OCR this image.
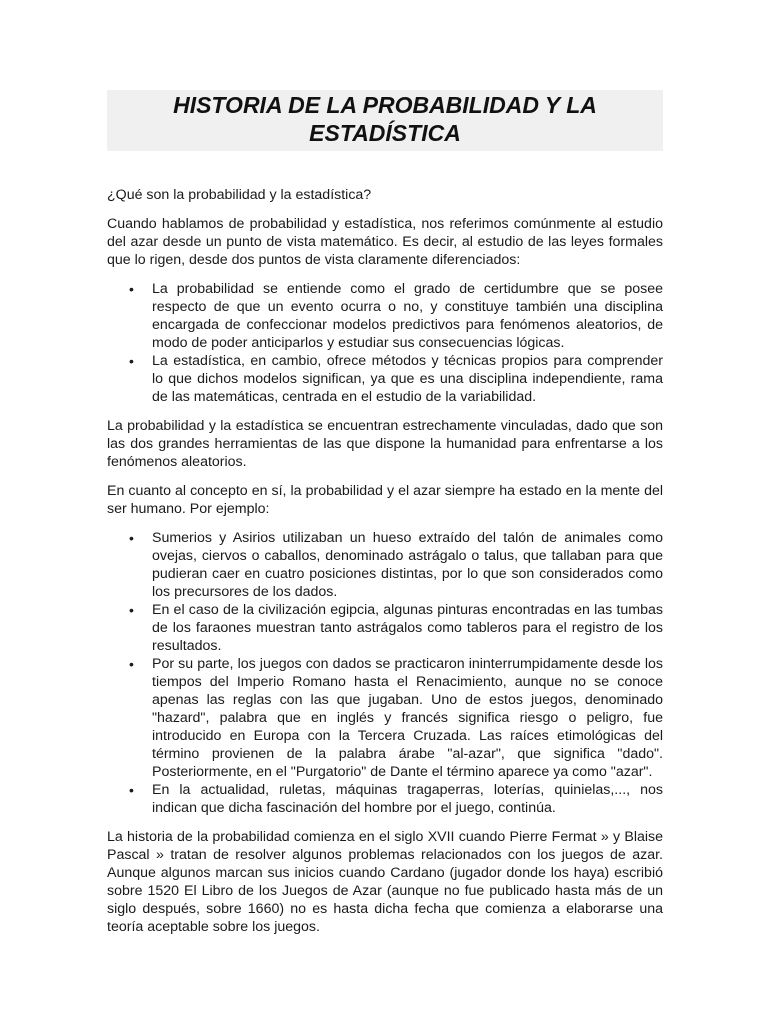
HISTORIA DE LA PROBABILIDAD Y LA
ESTADÍSTICA

¿Qué son la probabilidad y la estadística?

Cuando hablamos de probabilidad y estadística, nos referimos comúnmente al estudio del azar desde un punto de vista matemático. Es decir, al estudio de las leyes formales que lo rigen, desde dos puntos de vista claramente diferenciados:

• La probabilidad se entiende como el grado de certidumbre que se posee respecto de que un evento ocurra o no, y constituye también una disciplina encargada de confeccionar modelos predictivos para fenómenos aleatorios, de modo de poder anticiparlos y estudiar sus consecuencias lógicas.
• La estadística, en cambio, ofrece métodos y técnicas propios para comprender lo que dichos modelos significan, ya que es una disciplina independiente, rama de las matemáticas, centrada en el estudio de la variabilidad.

La probabilidad y la estadística se encuentran estrechamente vinculadas, dado que son las dos grandes herramientas de las que dispone la humanidad para enfrentarse a los fenómenos aleatorios.

En cuanto al concepto en sí, la probabilidad y el azar siempre ha estado en la mente del ser humano. Por ejemplo:

• Sumerios y Asirios utilizaban un hueso extraído del talón de animales como ovejas, ciervos o caballos, denominado astrágalo o talus, que tallaban para que pudieran caer en cuatro posiciones distintas, por lo que son considerados como los precursores de los dados.
• En el caso de la civilización egipcia, algunas pinturas encontradas en las tumbas de los faraones muestran tanto astrágalos como tableros para el registro de los resultados.
• Por su parte, los juegos con dados se practicaron ininterrumpidamente desde los tiempos del Imperio Romano hasta el Renacimiento, aunque no se conoce apenas las reglas con las que jugaban. Uno de estos juegos, denominado "hazard", palabra que en inglés y francés significa riesgo o peligro, fue introducido en Europa con la Tercera Cruzada. Las raíces etimológicas del término provienen de la palabra árabe "al-azar", que significa "dado". Posteriormente, en el "Purgatorio" de Dante el término aparece ya como "azar".
• En la actualidad, ruletas, máquinas tragaperras, loterías, quinielas,..., nos indican que dicha fascinación del hombre por el juego, continúa.

La historia de la probabilidad comienza en el siglo XVII cuando Pierre Fermat » y Blaise Pascal » tratan de resolver algunos problemas relacionados con los juegos de azar. Aunque algunos marcan sus inicios cuando Cardano (jugador donde los haya) escribió sobre 1520 El Libro de los Juegos de Azar (aunque no fue publicado hasta más de un siglo después, sobre 1660) no es hasta dicha fecha que comienza a elaborarse una teoría aceptable sobre los juegos.
